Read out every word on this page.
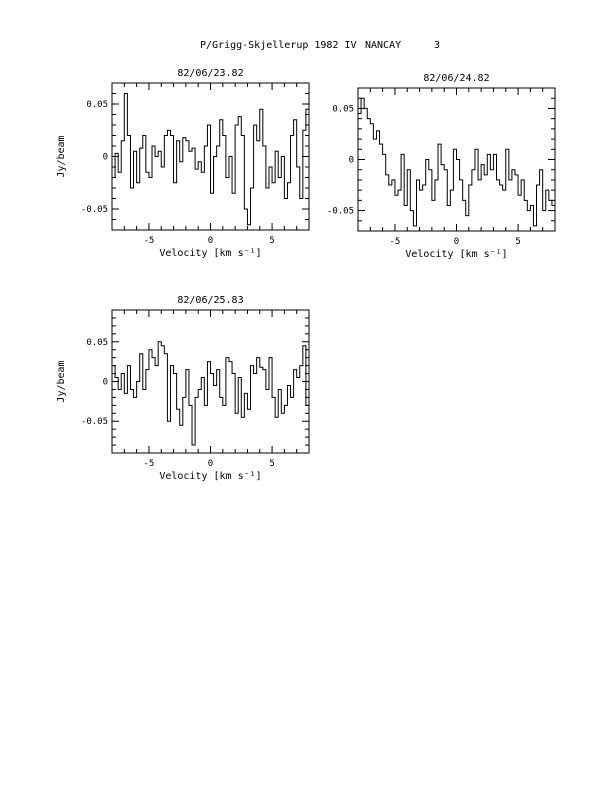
P/Grigg-Skjellerup 1982 IV NANCAY	3
82/06/23.82
-5	0	5
-0.05
0
0.05
Velocity [km s⁻¹]
Jy/beam
82/06/24.82
-5	0	5
-0.05
0
0.05
Velocity [km s⁻¹]
82/06/25.83
-5	0	5
-0.05
0
0.05
Velocity [km s⁻¹]
Jy/beam
